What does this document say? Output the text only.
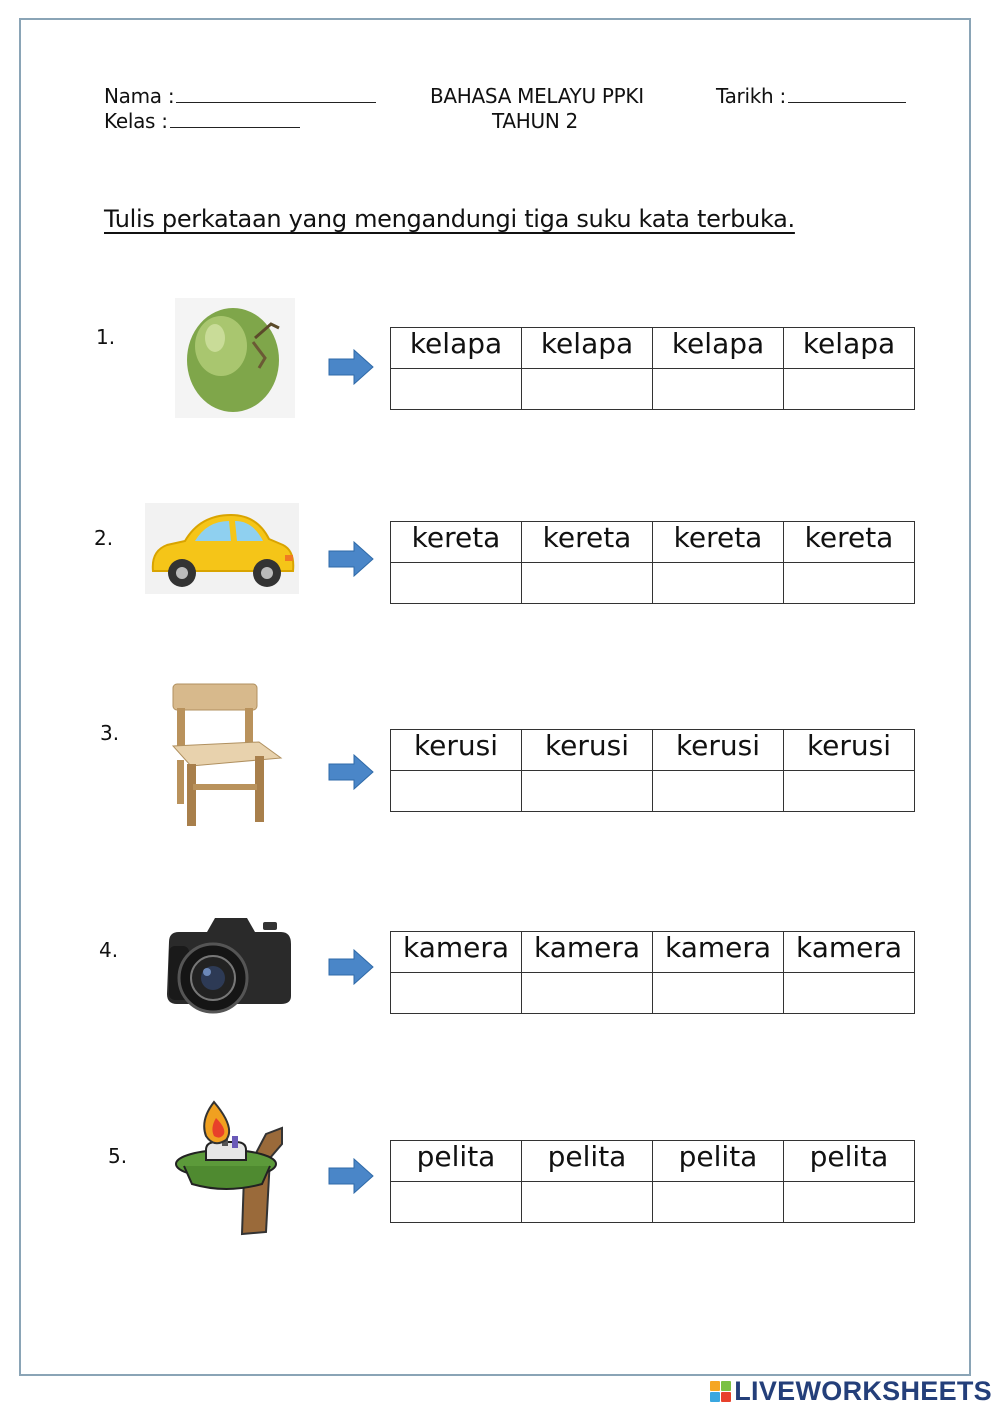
Nama :
Kelas :
BAHASA MELAYU PPKI
TAHUN 2
Tarikh :
Tulis perkataan yang mengandungi tiga suku kata terbuka.
1.	kelapa	kelapa	kelapa	kelapa

2.	kereta	kereta	kereta	kereta

3.	kerusi	kerusi	kerusi	kerusi

4.	kamera	kamera	kamera	kamera

5.	pelita	pelita	pelita	pelita

LIVEWORKSHEETS
